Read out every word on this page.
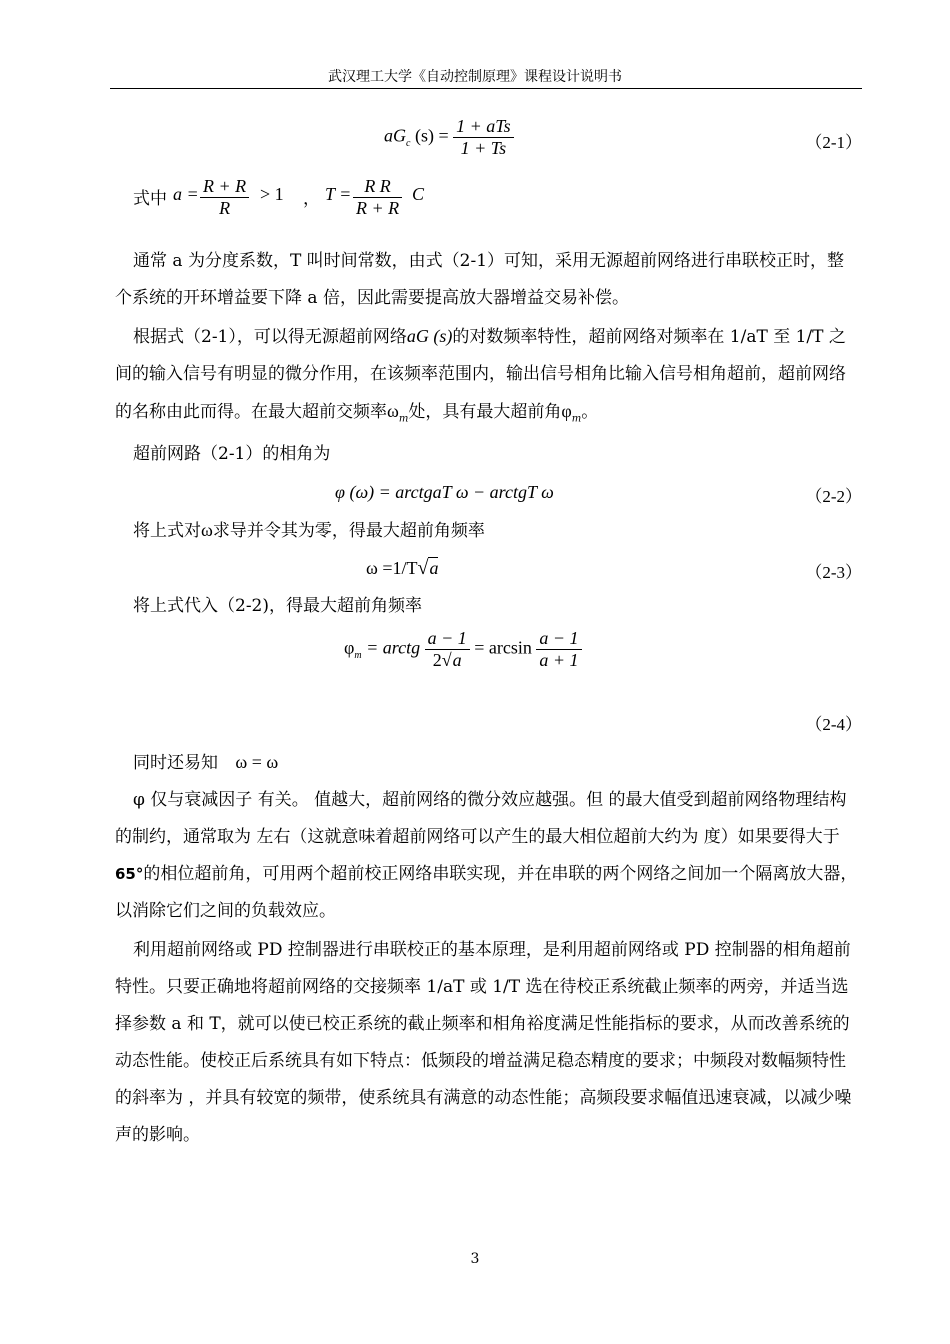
武汉理工大学《自动控制原理》课程设计说明书
$aG_c$ $(s) = \frac{\text{1 + aTs}}{1 + Ts}$	（2-1）
式中 $a = \frac{R + R}{R} > 1$ ， $T = \frac{\text{R R}}{R + R}$ C
通常 a 为分度系数，T 叫时间常数，由式（2-1）可知，采用无源超前网络进行串联校正时，整个系统的开环增益要下降 a 倍，因此需要提高放大器增益交易补偿。
根据式（2-1），可以得无源超前网络aG (s)的对数频率特性，超前网络对频率在 1/aT 至 1/T 之间的输入信号有明显的微分作用，在该频率范围内，输出信号相角比输入信号相角超前，超前网络的名称由此而得。在最大超前交频率$\omega_m$处，具有最大超前角$\varphi_m$。
超前网路（2-1）的相角为
φ (ω) = arctgaT ω − arctgT ω	（2-2）
将上式对ω求导并令其为零，得最大超前角频率
ω =1/T√a	（2-3）
将上式代入（2-2)，得最大超前角频率
$\varphi_m$ = arctg $\frac{a - 1}{2√a} = \arcsin \frac{a - 1}{a + 1}$
（2-4）
同时还易知 ω = ω
φ 仅与衰减因子 有关。 值越大，超前网络的微分效应越强。但 的最大值受到超前网络物理结构的制约，通常取为 左右（这就意味着超前网络可以产生的最大相位超前大约为 度）如果要得大于65°的相位超前角，可用两个超前校正网络串联实现，并在串联的两个网络之间加一个隔离放大器，以消除它们之间的负载效应。
利用超前网络或 PD 控制器进行串联校正的基本原理，是利用超前网络或 PD 控制器的相角超前特性。只要正确地将超前网络的交接频率 1/aT 或 1/T 选在待校正系统截止频率的两旁，并适当选择参数 a 和 T，就可以使已校正系统的截止频率和相角裕度满足性能指标的要求，从而改善系统的动态性能。使校正后系统具有如下特点：低频段的增益满足稳态精度的要求；中频段对数幅频特性的斜率为 ，并具有较宽的频带，使系统具有满意的动态性能；高频段要求幅值迅速衰减，以减少噪声的影响。
3
